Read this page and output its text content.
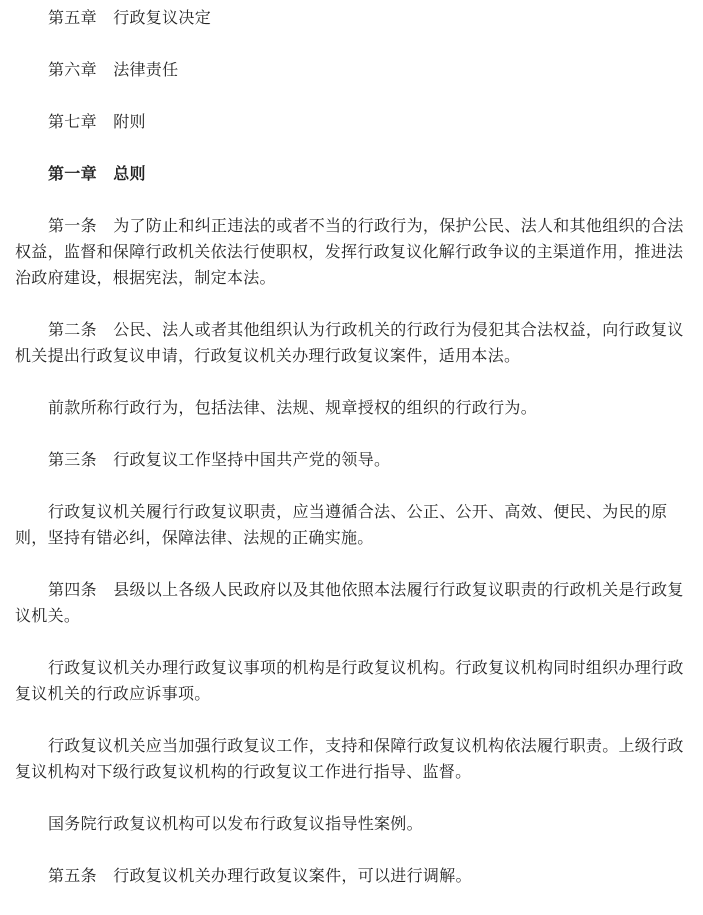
第五章　行政复议决定

第六章　法律责任

第七章　附则

第一章　总则

第一条　为了防止和纠正违法的或者不当的行政行为，保护公民、法人和其他组织的合法权益，监督和保障行政机关依法行使职权，发挥行政复议化解行政争议的主渠道作用，推进法治政府建设，根据宪法，制定本法。

第二条　公民、法人或者其他组织认为行政机关的行政行为侵犯其合法权益，向行政复议机关提出行政复议申请，行政复议机关办理行政复议案件，适用本法。

前款所称行政行为，包括法律、法规、规章授权的组织的行政行为。

第三条　行政复议工作坚持中国共产党的领导。

行政复议机关履行行政复议职责，应当遵循合法、公正、公开、高效、便民、为民的原则，坚持有错必纠，保障法律、法规的正确实施。

第四条　县级以上各级人民政府以及其他依照本法履行行政复议职责的行政机关是行政复议机关。

行政复议机关办理行政复议事项的机构是行政复议机构。行政复议机构同时组织办理行政复议机关的行政应诉事项。

行政复议机关应当加强行政复议工作，支持和保障行政复议机构依法履行职责。上级行政复议机构对下级行政复议机构的行政复议工作进行指导、监督。

国务院行政复议机构可以发布行政复议指导性案例。

第五条　行政复议机关办理行政复议案件，可以进行调解。
